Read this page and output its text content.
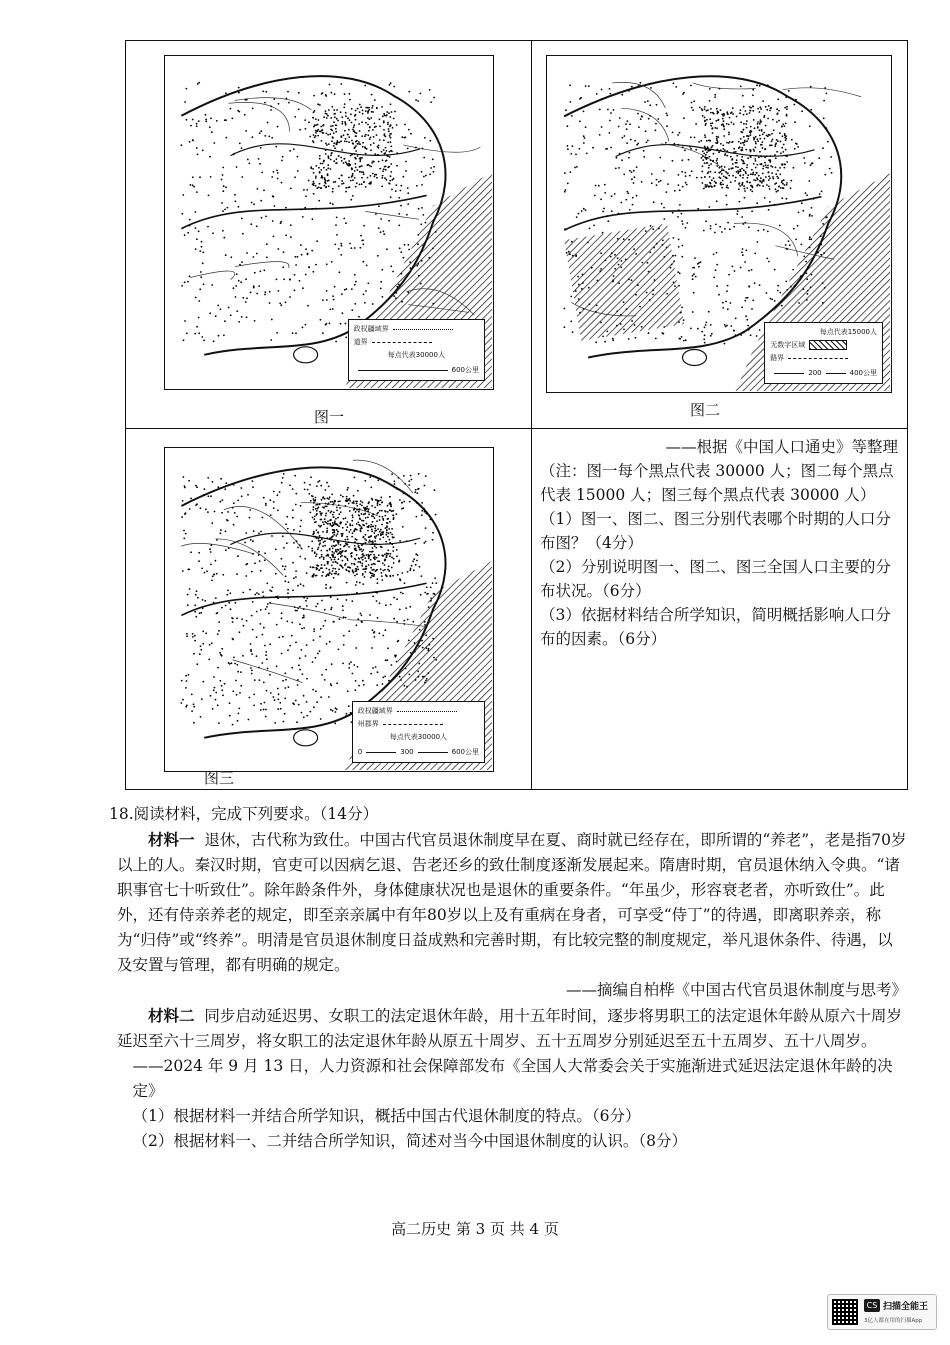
政权疆域界
道界
每点代表30000人
600公里
图一
每点代表15000人
无数字区域
路界
200	400公里
图二
政权疆域界
州郡界
每点代表30000人
0	300	600公里
图三

——根据《中国人口通史》等整理

（注：图一每个黑点代表 30000 人；图二每个黑点代表 15000 人；图三每个黑点代表 30000 人）

（1）图一、图二、图三分别代表哪个时期的人口分布图？（4分）

（2）分别说明图一、图二、图三全国人口主要的分布状况。（6分）

（3）依据材料结合所学知识，简明概括影响人口分布的因素。（6分）

18.阅读材料，完成下列要求。（14分）
材料一 退休，古代称为致仕。中国古代官员退休制度早在夏、商时就已经存在，即所谓的“养老”，老是指70岁以上的人。秦汉时期，官吏可以因病乞退、告老还乡的致仕制度逐渐发展起来。隋唐时期，官员退休纳入令典。“诸职事官七十听致仕”。除年龄条件外，身体健康状况也是退休的重要条件。“年虽少，形容衰老者，亦听致仕”。此外，还有侍亲养老的规定，即至亲亲属中有年80岁以上及有重病在身者，可享受“侍丁”的待遇，即离职养亲，称为“归侍”或“终养”。明清是官员退休制度日益成熟和完善时期，有比较完整的制度规定，举凡退休条件、待遇，以及安置与管理，都有明确的规定。
——摘编自柏桦《中国古代官员退休制度与思考》
材料二 同步启动延迟男、女职工的法定退休年龄，用十五年时间，逐步将男职工的法定退休年龄从原六十周岁延迟至六十三周岁，将女职工的法定退休年龄从原五十周岁、五十五周岁分别延迟至五十五周岁、五十八周岁。
——2024 年 9 月 13 日，人力资源和社会保障部发布《全国人大常委会关于实施渐进式延迟法定退休年龄的决定》
（1）根据材料一并结合所学知识，概括中国古代退休制度的特点。（6分）
（2）根据材料一、二并结合所学知识，简述对当今中国退休制度的认识。（8分）
高二历史 第 3 页 共 4 页
CS 扫描全能王
3亿人都在用的扫描App
